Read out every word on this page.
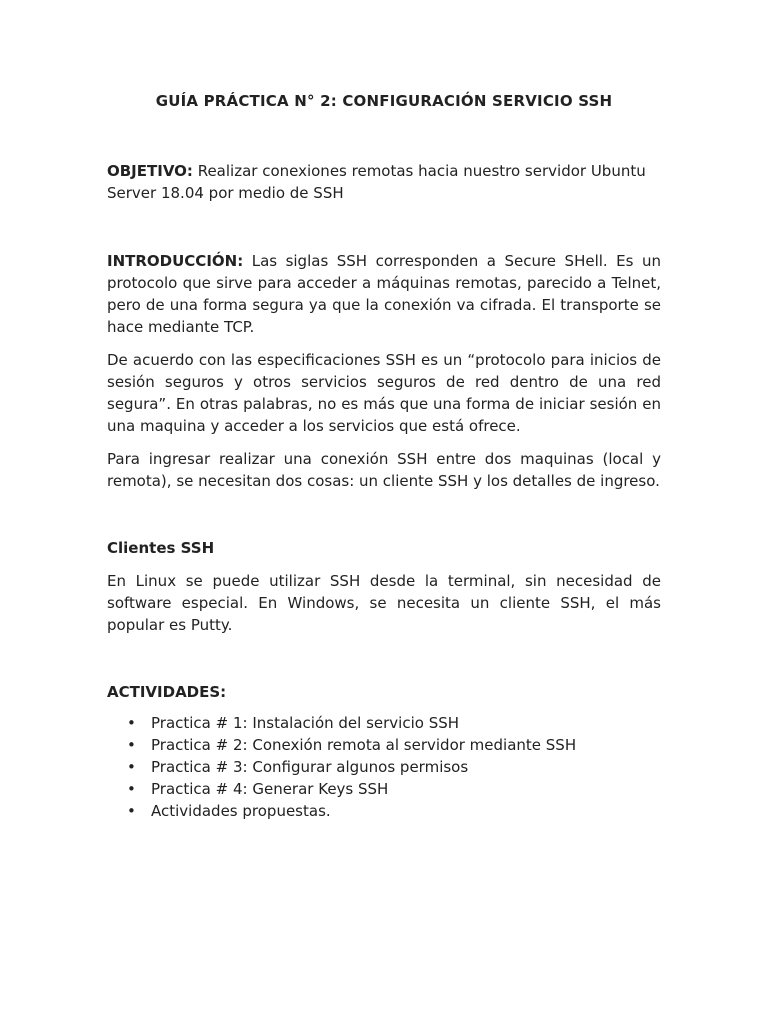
GUÍA PRÁCTICA N° 2: CONFIGURACIÓN SERVICIO SSH

OBJETIVO: Realizar conexiones remotas hacia nuestro servidor Ubuntu Server 18.04 por medio de SSH

INTRODUCCIÓN: Las siglas SSH corresponden a Secure SHell. Es un protocolo que sirve para acceder a máquinas remotas, parecido a Telnet, pero de una forma segura ya que la conexión va cifrada. El transporte se hace mediante TCP.

De acuerdo con las especificaciones SSH es un “protocolo para inicios de sesión seguros y otros servicios seguros de red dentro de una red segura”. En otras palabras, no es más que una forma de iniciar sesión en una maquina y acceder a los servicios que está ofrece.

Para ingresar realizar una conexión SSH entre dos maquinas (local y remota), se necesitan dos cosas: un cliente SSH y los detalles de ingreso.

Clientes SSH

En Linux se puede utilizar SSH desde la terminal, sin necesidad de software especial. En Windows, se necesita un cliente SSH, el más popular es Putty.

ACTIVIDADES:
• Practica # 1: Instalación del servicio SSH
• Practica # 2: Conexión remota al servidor mediante SSH
• Practica # 3: Configurar algunos permisos
• Practica # 4: Generar Keys SSH
• Actividades propuestas.
